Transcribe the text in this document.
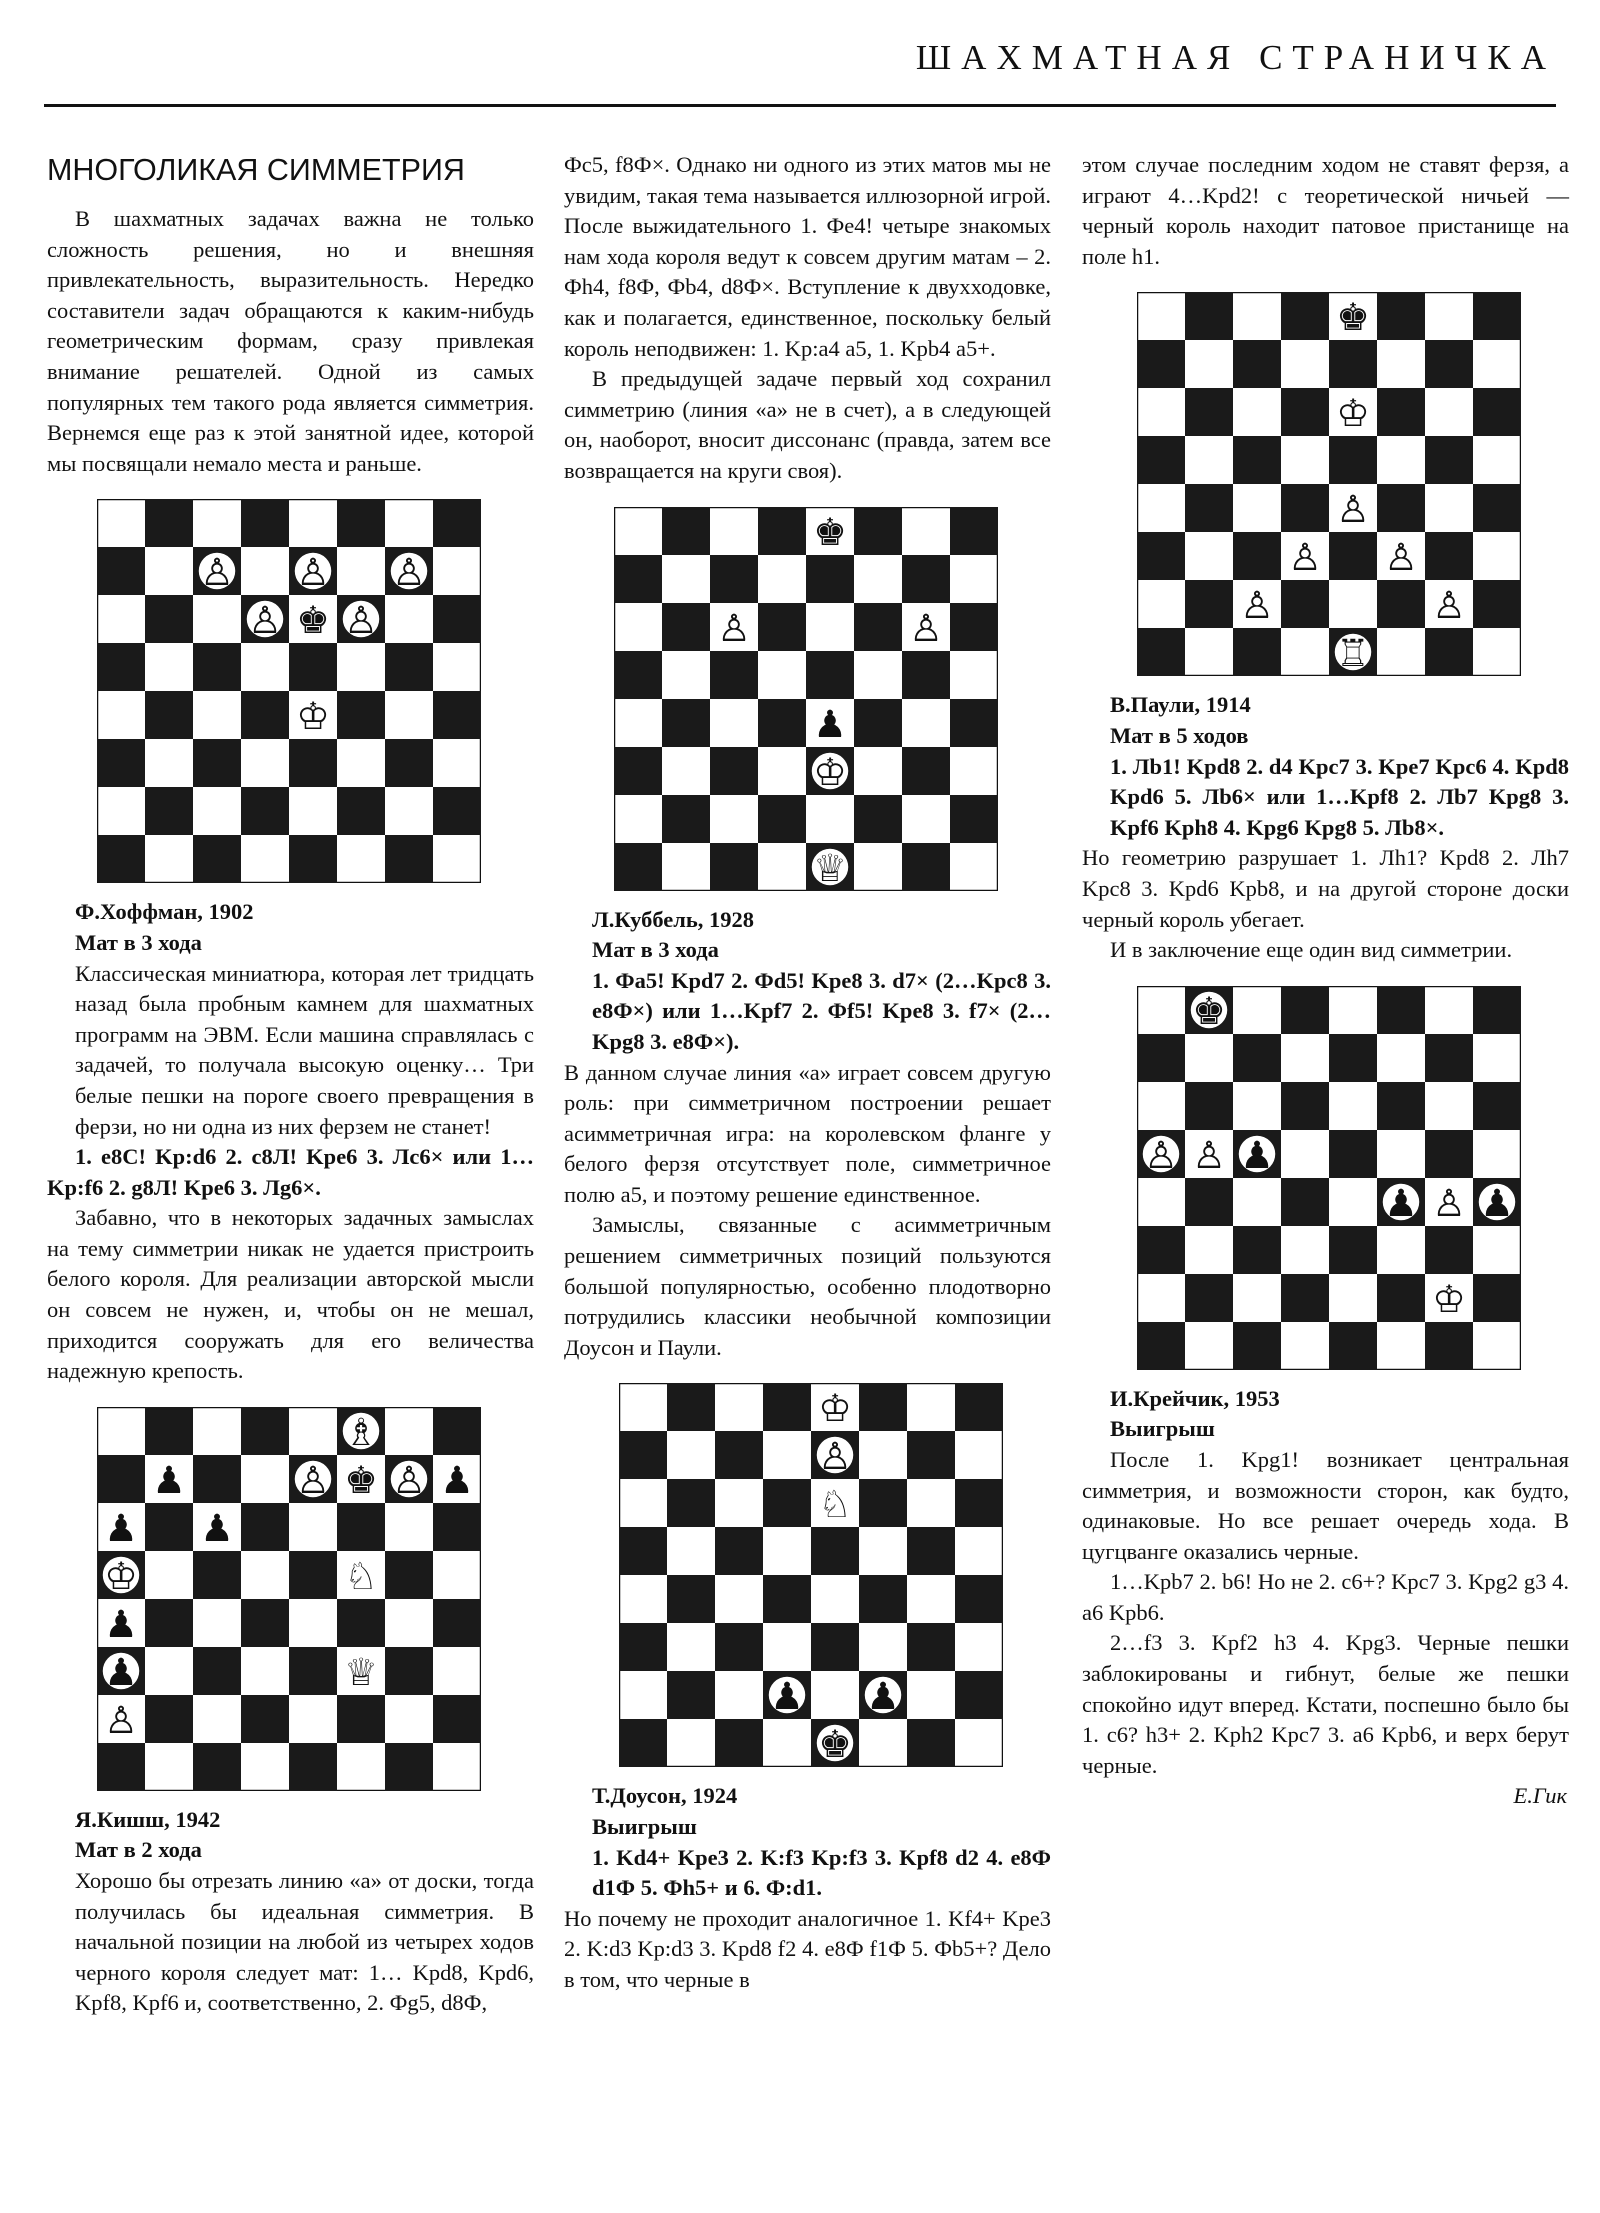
ШАХМАТНАЯ СТРАНИЧКА
МНОГОЛИКАЯ СИММЕТРИЯ

В шахматных задачах важна не только сложность решения, но и внешняя привлекательность, выразительность. Нередко составители задач обращаются к каким-нибудь геометрическим формам, сразу привлекая внимание решателей. Одной из самых популярных тем такого рода является симметрия. Вернемся еще раз к этой занятной идее, которой мы посвящали немало места и раньше.

♙ ♙ ♙
♙ ♚ ♙
♔

Ф.Хоффман, 1902

Мат в 3 хода

Классическая миниатюра, которая лет тридцать назад была пробным камнем для шахматных программ на ЭВМ. Если машина справлялась с задачей, то получала высокую оценку… Три белые пешки на пороге своего превращения в ферзи, но ни одна из них ферзем не станет!

1. e8C! Kp:d6 2. c8Л! Kpe6 3. Лc6× или 1…Kp:f6 2. g8Л! Kpe6 3. Лg6×.

Забавно, что в некоторых задачных замыслах на тему симметрии никак не удается пристроить белого короля. Для реализации авторской мысли он совсем не нужен, и, чтобы он не мешал, приходится сооружать для его величества надежную крепость.

♗
♟	♙ ♚ ♙ ♟
♟ ♟
♔	♘
♟
♟	♕
♙

Я.Кишш, 1942

Мат в 2 хода

Хорошо бы отрезать линию «a» от доски, тогда получилась бы идеальная симметрия. В начальной позиции на любой из четырех ходов черного короля следует мат: 1… Kpd8, Kpd6, Kpf8, Kpf6 и, соответственно, 2. Фg5, d8Ф,

Фc5, f8Ф×. Однако ни одного из этих матов мы не увидим, такая тема называется иллюзорной игрой. После выжидательного 1. Фe4! четыре знакомых нам хода короля ведут к совсем другим матам – 2. Фh4, f8Ф, Фb4, d8Ф×. Вступление к двухходовке, как и полагается, единственное, поскольку белый король неподвижен: 1. Kp:a4 a5, 1. Kpb4 a5+.

В предыдущей задаче первый ход сохранил симметрию (линия «a» не в счет), а в следующей он, наоборот, вносит диссонанс (правда, затем все возвращается на круги своя).

♚
♙	♙
♟
♔
♕

Л.Куббель, 1928

Мат в 3 хода

1. Фa5! Kpd7 2. Фd5! Kpe8 3. d7× (2…Kpc8 3. e8Ф×) или 1…Kpf7 2. Фf5! Kpe8 3. f7× (2…Kpg8 3. e8Ф×).

В данном случае линия «a» играет совсем другую роль: при симметричном построении решает асимметричная игра: на королевском фланге у белого ферзя отсутствует поле, симметричное полю a5, и поэтому решение единственное.

Замыслы, связанные с асимметричным решением симметричных позиций пользуются большой популярностью, особенно плодотворно потрудились классики необычной композиции Доусон и Паули.

♔
♙
♘
♟ ♟
♚

Т.Доусон, 1924

Выигрыш

1. Kd4+ Kpe3 2. K:f3 Kp:f3 3. Kpf8 d2 4. e8Ф d1Ф 5. Фh5+ и 6. Ф:d1.

Но почему не проходит аналогичное 1. Kf4+ Kpe3 2. K:d3 Kp:d3 3. Kpd8 f2 4. e8Ф f1Ф 5. Фb5+? Дело в том, что черные в

этом случае последним ходом не ставят ферзя, а играют 4…Kpd2! с теоретической ничьей — черный король находит патовое пристанище на поле h1.

♚
♔
♙
♙ ♙
♙	♙
♖

В.Паули, 1914

Мат в 5 ходов

1. Лb1! Kpd8 2. d4 Kpc7 3. Kpe7 Kpc6 4. Kpd8 Kpd6 5. Лb6× или 1…Kpf8 2. Лb7 Kpg8 3. Kpf6 Kph8 4. Kpg6 Kpg8 5. Лb8×.

Но геометрию разрушает 1. Лh1? Kpd8 2. Лh7 Kpc8 3. Kpd6 Kpb8, и на другой стороне доски черный король убегает.

И в заключение еще один вид симметрии.

♚
♙ ♙ ♟
♟ ♙ ♟
♔

И.Крейчик, 1953

Выигрыш

После 1. Kpg1! возникает центральная симметрия, и возможности сторон, как будто, одинаковые. Но все решает очередь хода. В цугцванге оказались черные.

1…Kpb7 2. b6! Но не 2. c6+? Kpc7 3. Kpg2 g3 4. a6 Kpb6.

2…f3 3. Kpf2 h3 4. Kpg3. Черные пешки заблокированы и гибнут, белые же пешки спокойно идут вперед. Кстати, поспешно было бы 1. c6? h3+ 2. Kph2 Kpc7 3. a6 Kpb6, и верх берут черные.

Е.Гик
